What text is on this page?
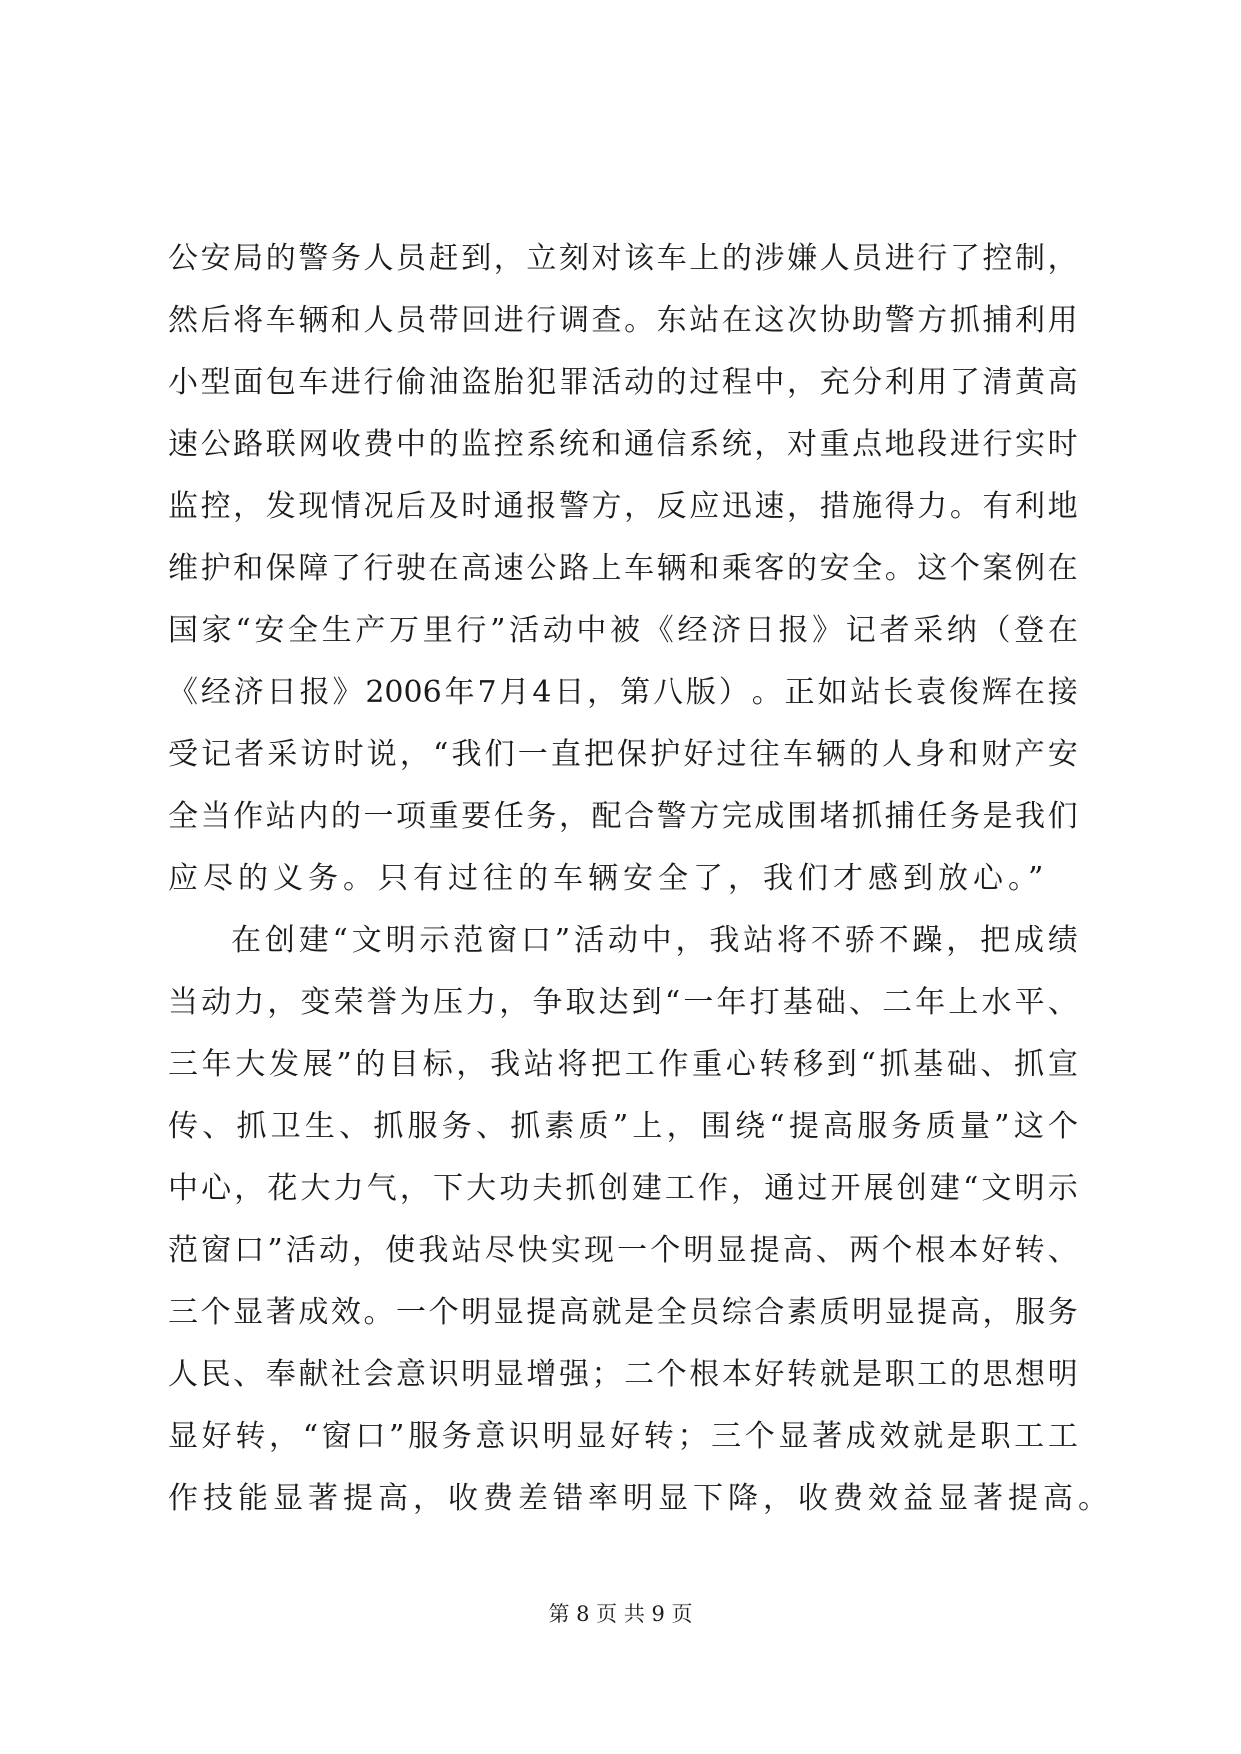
公 安 局 的 警 务 人 员 赶 到 ， 立 刻 对 该 车 上 的 涉 嫌 人 员 进 行 了 控 制 ，
然 后 将 车 辆 和 人 员 带 回 进 行 调 查 。 东 站 在 这 次 协 助 警 方 抓 捕 利 用
小 型 面 包 车 进 行 偷 油 盗 胎 犯 罪 活 动 的 过 程 中 ， 充 分 利 用 了 清 黄 高
速 公 路 联 网 收 费 中 的 监 控 系 统 和 通 信 系 统 ， 对 重 点 地 段 进 行 实 时
监 控 ， 发 现 情 况 后 及 时 通 报 警 方 ， 反 应 迅 速 ， 措 施 得 力 。 有 利 地
维 护 和 保 障 了 行 驶 在 高 速 公 路 上 车 辆 和 乘 客 的 安 全 。 这 个 案 例 在
国 家 “ 安 全 生 产 万 里 行 ” 活 动 中 被 《 经 济 日 报 》 记 者 采 纳 （ 登 在
《 经 济 日 报 》 2006 年 7 月 4 日 ， 第 八 版 ） 。 正 如 站 长 袁 俊 辉 在 接
受 记 者 采 访 时 说 ， “ 我 们 一 直 把 保 护 好 过 往 车 辆 的 人 身 和 财 产 安
全 当 作 站 内 的 一 项 重 要 任 务 ， 配 合 警 方 完 成 围 堵 抓 捕 任 务 是 我 们
应尽的义务。只有过往的车辆安全了，我们才感到放心。”
在 创 建 “ 文 明 示 范 窗 口 ” 活 动 中 ， 我 站 将 不 骄 不 躁 ， 把 成 绩
当 动 力 ， 变 荣 誉 为 压 力 ， 争 取 达 到 “ 一 年 打 基 础 、 二 年 上 水 平 、
三 年 大 发 展 ” 的 目 标 ， 我 站 将 把 工 作 重 心 转 移 到 “ 抓 基 础 、 抓 宣
传 、 抓 卫 生 、 抓 服 务 、 抓 素 质 ” 上 ， 围 绕 “ 提 高 服 务 质 量 ” 这 个
中 心 ， 花 大 力 气 ， 下 大 功 夫 抓 创 建 工 作 ， 通 过 开 展 创 建 “ 文 明 示
范 窗 口 ” 活 动 ， 使 我 站 尽 快 实 现 一 个 明 显 提 高 、 两 个 根 本 好 转 、
三 个 显 著 成 效 。 一 个 明 显 提 高 就 是 全 员 综 合 素 质 明 显 提 高 ， 服 务
人 民 、 奉 献 社 会 意 识 明 显 增 强 ； 二 个 根 本 好 转 就 是 职 工 的 思 想 明
显 好 转 ， “ 窗 口 ” 服 务 意 识 明 显 好 转 ； 三 个 显 著 成 效 就 是 职 工 工
作技能显著提高，收费差错率明显下降，收费效益显著提高。
第 8 页 共 9 页
